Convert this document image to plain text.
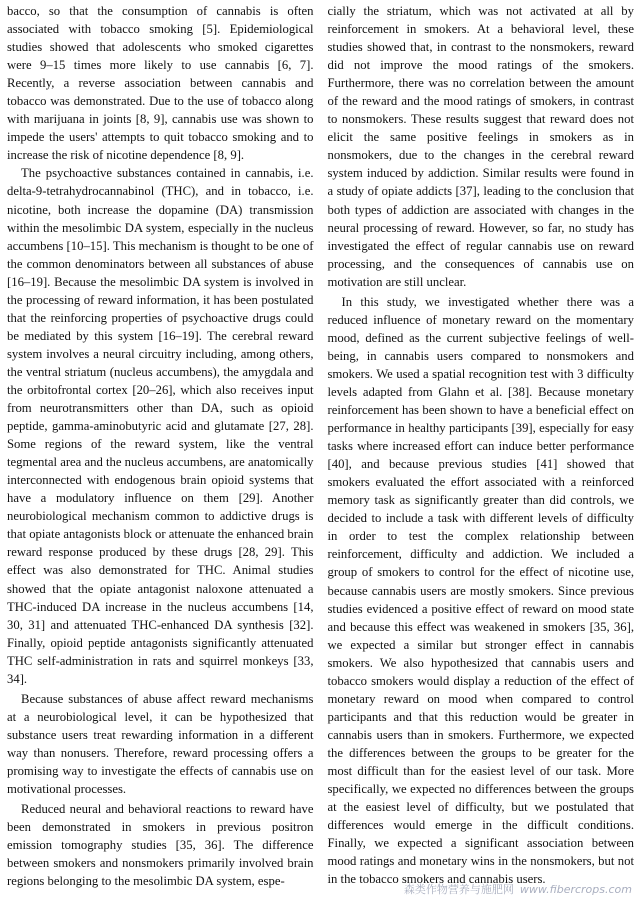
bacco, so that the consumption of cannabis is often associated with tobacco smoking [5]. Epidemiological studies showed that adolescents who smoked cigarettes were 9–15 times more likely to use cannabis [6, 7]. Recently, a reverse association between cannabis and tobacco was demonstrated. Due to the use of tobacco along with marijuana in joints [8, 9], cannabis use was shown to impede the users' attempts to quit tobacco smoking and to increase the risk of nicotine dependence [8, 9].

The psychoactive substances contained in cannabis, i.e. delta-9-tetrahydrocannabinol (THC), and in tobacco, i.e. nicotine, both increase the dopamine (DA) transmission within the mesolimbic DA system, especially in the nucleus accumbens [10–15]. This mechanism is thought to be one of the common denominators between all substances of abuse [16–19]. Because the mesolimbic DA system is involved in the processing of reward information, it has been postulated that the reinforcing properties of psychoactive drugs could be mediated by this system [16–19]. The cerebral reward system involves a neural circuitry including, among others, the ventral striatum (nucleus accumbens), the amygdala and the orbitofrontal cortex [20–26], which also receives input from neurotransmitters other than DA, such as opioid peptide, gamma-aminobutyric acid and glutamate [27, 28]. Some regions of the reward system, like the ventral tegmental area and the nucleus accumbens, are anatomically interconnected with endogenous brain opioid systems that have a modulatory influence on them [29]. Another neurobiological mechanism common to addictive drugs is that opiate antagonists block or attenuate the enhanced brain reward response produced by these drugs [28, 29]. This effect was also demonstrated for THC. Animal studies showed that the opiate antagonist naloxone attenuated a THC-induced DA increase in the nucleus accumbens [14, 30, 31] and attenuated THC-enhanced DA synthesis [32]. Finally, opioid peptide antagonists significantly attenuated THC self-administration in rats and squirrel monkeys [33, 34].

Because substances of abuse affect reward mechanisms at a neurobiological level, it can be hypothesized that substance users treat rewarding information in a different way than nonusers. Therefore, reward processing offers a promising way to investigate the effects of cannabis use on motivational processes.

Reduced neural and behavioral reactions to reward have been demonstrated in smokers in previous positron emission tomography studies [35, 36]. The difference between smokers and nonsmokers primarily involved brain regions belonging to the mesolimbic DA system, espe-

cially the striatum, which was not activated at all by reinforcement in smokers. At a behavioral level, these studies showed that, in contrast to the nonsmokers, reward did not improve the mood ratings of the smokers. Furthermore, there was no correlation between the amount of the reward and the mood ratings of smokers, in contrast to nonsmokers. These results suggest that reward does not elicit the same positive feelings in smokers as in nonsmokers, due to the changes in the cerebral reward system induced by addiction. Similar results were found in a study of opiate addicts [37], leading to the conclusion that both types of addiction are associated with changes in the neural processing of reward. However, so far, no study has investigated the effect of regular cannabis use on reward processing, and the consequences of cannabis use on motivation are still unclear.

In this study, we investigated whether there was a reduced influence of monetary reward on the momentary mood, defined as the current subjective feelings of well-being, in cannabis users compared to nonsmokers and smokers. We used a spatial recognition test with 3 difficulty levels adapted from Glahn et al. [38]. Because monetary reinforcement has been shown to have a beneficial effect on performance in healthy participants [39], especially for easy tasks where increased effort can induce better performance [40], and because previous studies [41] showed that smokers evaluated the effort associated with a reinforced memory task as significantly greater than did controls, we decided to include a task with different levels of difficulty in order to test the complex relationship between reinforcement, difficulty and addiction. We included a group of smokers to control for the effect of nicotine use, because cannabis users are mostly smokers. Since previous studies evidenced a positive effect of reward on mood state and because this effect was weakened in smokers [35, 36], we expected a similar but stronger effect in cannabis smokers. We also hypothesized that cannabis users and tobacco smokers would display a reduction of the effect of monetary reward on mood when compared to control participants and that this reduction would be greater in cannabis users than in smokers. Furthermore, we expected the differences between the groups to be greater for the most difficult than for the easiest level of our task. More specifically, we expected no differences between the groups at the easiest level of difficulty, but we postulated that differences would emerge in the difficult conditions. Finally, we expected a significant association between mood ratings and monetary wins in the nonsmokers, but not in the tobacco smokers and cannabis users.

森类作物营养与施肥网 www.fibercrops.com
